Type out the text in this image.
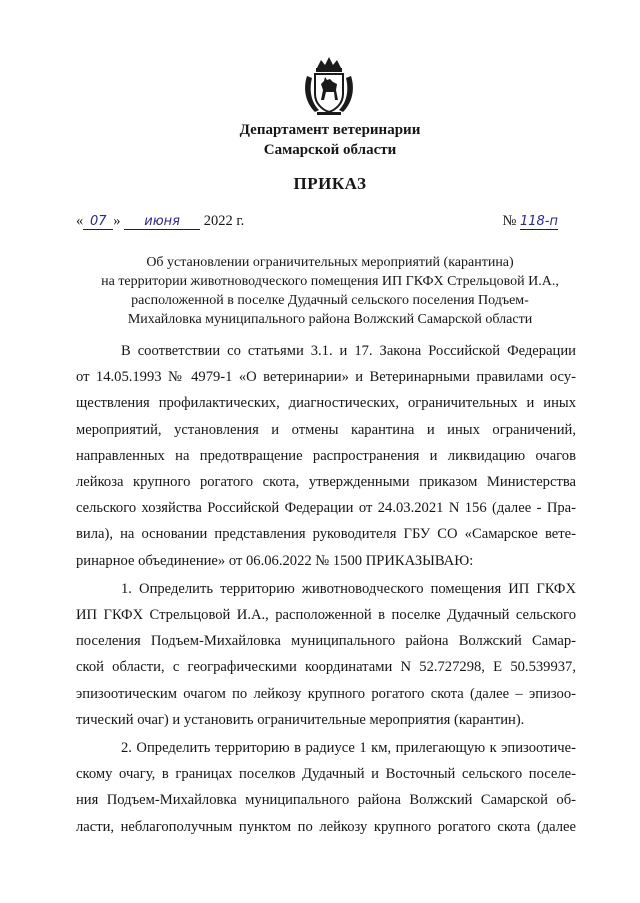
Департамент ветеринарии
Самарской области
ПРИКАЗ
« 07 » июня 2022 г.	№ 118-п
Об установлении ограничительных мероприятий (карантина)
на территории животноводческого помещения ИП ГКФХ Стрельцовой И.А.,
расположенной в поселке Дудачный сельского поселения Подъем-
Михайловка муниципального района Волжский Самарской области
В соответствии со статьями 3.1. и 17. Закона Российской Федерации
от 14.05.1993 № 4979-1 «О ветеринарии» и Ветеринарными правилами осу-
ществления профилактических, диагностических, ограничительных и иных
мероприятий, установления и отмены карантина и иных ограничений,
направленных на предотвращение распространения и ликвидацию очагов
лейкоза крупного рогатого скота, утвержденными приказом Министерства
сельского хозяйства Российской Федерации от 24.03.2021 N 156 (далее - Пра-
вила), на основании представления руководителя ГБУ СО «Самарское вете-
ринарное объединение» от 06.06.2022 № 1500 ПРИКАЗЫВАЮ:
1. Определить территорию животноводческого помещения ИП ГКФХ
ИП ГКФХ Стрельцовой И.А., расположенной в поселке Дудачный сельского
поселения Подъем-Михайловка муниципального района Волжский Самар-
ской области, с географическими координатами N 52.727298, E 50.539937,
эпизоотическим очагом по лейкозу крупного рогатого скота (далее – эпизоо-
тический очаг) и установить ограничительные мероприятия (карантин).
2. Определить территорию в радиусе 1 км, прилегающую к эпизоотиче-
скому очагу, в границах поселков Дудачный и Восточный сельского поселе-
ния Подъем-Михайловка муниципального района Волжский Самарской об-
ласти, неблагополучным пунктом по лейкозу крупного рогатого скота (далее
